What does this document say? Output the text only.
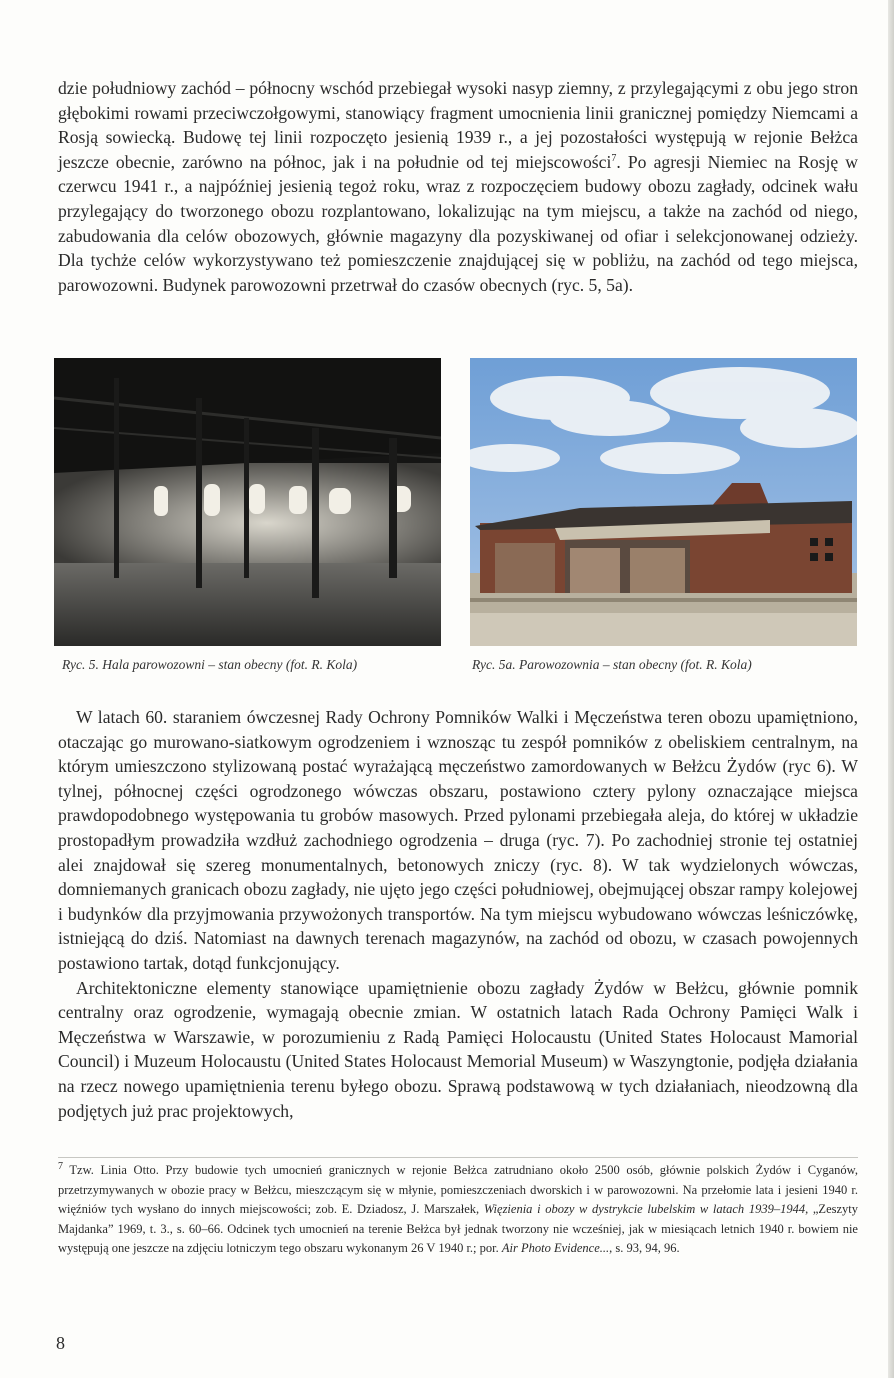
dzie południowy zachód – północny wschód przebiegał wysoki nasyp ziemny, z przylegającymi z obu jego stron głębokimi rowami przeciwczołgowymi, stanowiący fragment umocnienia linii granicznej pomiędzy Niemcami a Rosją sowiecką. Budowę tej linii rozpoczęto jesienią 1939 r., a jej pozostałości występują w rejonie Bełżca jeszcze obecnie, zarówno na północ, jak i na południe od tej miejscowości$^7$. Po agresji Niemiec na Rosję w czerwcu 1941 r., a najpóźniej jesienią tegoż roku, wraz z rozpoczęciem budowy obozu zagłady, odcinek wału przylegający do tworzonego obozu rozplantowano, lokalizując na tym miejscu, a także na zachód od niego, zabudowania dla celów obozowych, głównie magazyny dla pozyskiwanej od ofiar i selekcjonowanej odzieży. Dla tychże celów wykorzystywano też pomieszczenie znajdującej się w pobliżu, na zachód od tego miejsca, parowozowni. Budynek parowozowni przetrwał do czasów obecnych (ryc. 5, 5a).

Ryc. 5. Hala parowozowni – stan obecny (fot. R. Kola)	Ryc. 5a. Parowozownia – stan obecny (fot. R. Kola)

W latach 60. staraniem ówczesnej Rady Ochrony Pomników Walki i Męczeństwa teren obozu upamiętniono, otaczając go murowano-siatkowym ogrodzeniem i wznosząc tu zespół pomników z obeliskiem centralnym, na którym umieszczono stylizowaną postać wyrażającą męczeństwo zamordowanych w Bełżcu Żydów (ryc 6). W tylnej, północnej części ogrodzonego wówczas obszaru, postawiono cztery pylony oznaczające miejsca prawdopodobnego występowania tu grobów masowych. Przed pylonami przebiegała aleja, do której w układzie prostopadłym prowadziła wzdłuż zachodniego ogrodzenia – druga (ryc. 7). Po zachodniej stronie tej ostatniej alei znajdował się szereg monumentalnych, betonowych zniczy (ryc. 8). W tak wydzielonych wówczas, domniemanych granicach obozu zagłady, nie ujęto jego części południowej, obejmującej obszar rampy kolejowej i budynków dla przyjmowania przywożonych transportów. Na tym miejscu wybudowano wówczas leśniczówkę, istniejącą do dziś. Natomiast na dawnych terenach magazynów, na zachód od obozu, w czasach powojennych postawiono tartak, dotąd funkcjonujący.

Architektoniczne elementy stanowiące upamiętnienie obozu zagłady Żydów w Bełżcu, głównie pomnik centralny oraz ogrodzenie, wymagają obecnie zmian. W ostatnich latach Rada Ochrony Pamięci Walk i Męczeństwa w Warszawie, w porozumieniu z Radą Pamięci Holocaustu (United States Holocaust Mamorial Council) i Muzeum Holocaustu (United States Holocaust Memorial Museum) w Waszyngtonie, podjęła działania na rzecz nowego upamiętnienia terenu byłego obozu. Sprawą podstawową w tych działaniach, nieodzowną dla podjętych już prac projektowych,

$^7$ Tzw. Linia Otto. Przy budowie tych umocnień granicznych w rejonie Bełżca zatrudniano około 2500 osób, głównie polskich Żydów i Cyganów, przetrzymywanych w obozie pracy w Bełżcu, mieszczącym się w młynie, pomieszczeniach dworskich i w parowozowni. Na przełomie lata i jesieni 1940 r. więźniów tych wysłano do innych miejscowości; zob. E. Dziadosz, J. Marszałek, Więzienia i obozy w dystrykcie lubelskim w latach 1939–1944, „Zeszyty Majdanka” 1969, t. 3., s. 60–66. Odcinek tych umocnień na terenie Bełżca był jednak tworzony nie wcześniej, jak w miesiącach letnich 1940 r. bowiem nie występują one jeszcze na zdjęciu lotniczym tego obszaru wykonanym 26 V 1940 r.; por. Air Photo Evidence..., s. 93, 94, 96.

8
